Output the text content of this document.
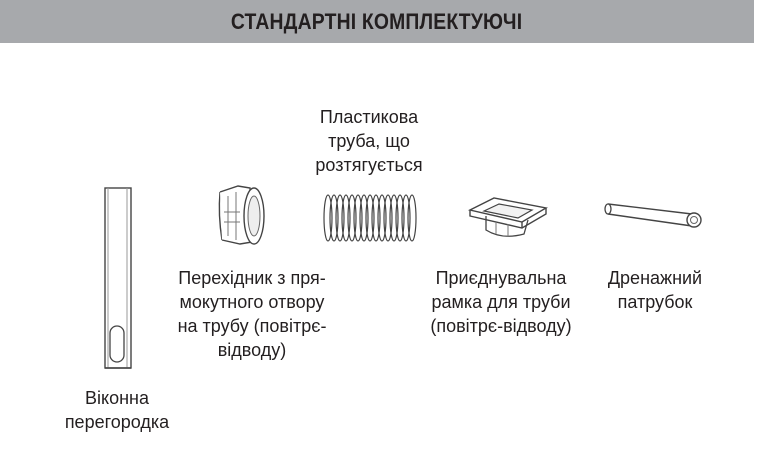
СТАНДАРТНІ КОМПЛЕКТУЮЧІ
Віконна
перегородка
Перехідник з пря-
мокутного отвору
на трубу (повітрє-
відводу)
Пластикова
труба, що
розтягується
Приєднувальна
рамка для труби
(повітрє-відводу)
Дренажний
патрубок
